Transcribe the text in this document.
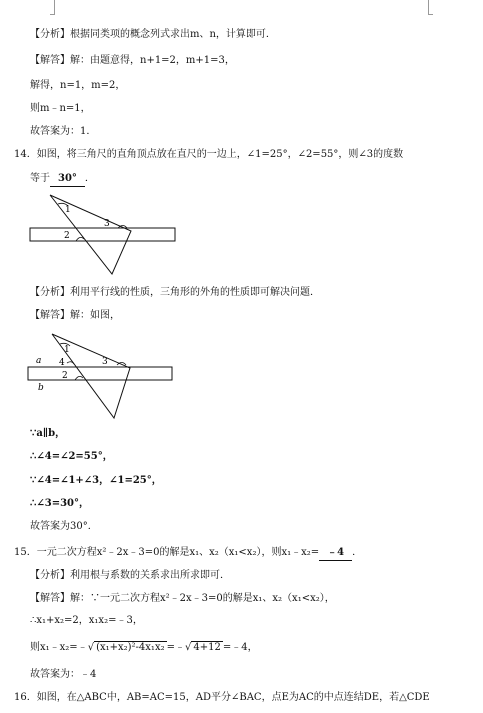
【分析】根据同类项的概念列式求出m、n，计算即可．
【解答】解：由题意得，n+1=2，m+1=3，
解得，n=1，m=2，
则m﹣n=1，
故答案为：1．
14．如图，将三角尺的直角顶点放在直尺的一边上，∠1=25°，∠2=55°，则∠3的度数
等于 30° ．
1
2
3
【分析】利用平行线的性质，三角形的外角的性质即可解决问题．
【解答】解：如图，
a
b
1
4
2
3
∵a∥b，
∴∠4=∠2=55°，
∵∠4=∠1+∠3，∠1=25°，
∴∠3=30°，
故答案为30°．
15．一元二次方程x²﹣2x﹣3=0的解是x₁、x₂（x₁<x₂），则x₁﹣x₂= ﹣4 ．
【分析】利用根与系数的关系求出所求即可．
【解答】解：∵一元二次方程x²﹣2x﹣3=0的解是x₁、x₂（x₁<x₂），
∴x₁+x₂=2，x₁x₂=﹣3，
则x₁﹣x₂=﹣√ (x₁+x₂)²-4x₁x₂ =﹣√ 4+12 =﹣4，
故答案为：﹣4
16．如图，在△ABC中，AB=AC=15，AD平分∠BAC，点E为AC的中点连结DE，若△CDE
